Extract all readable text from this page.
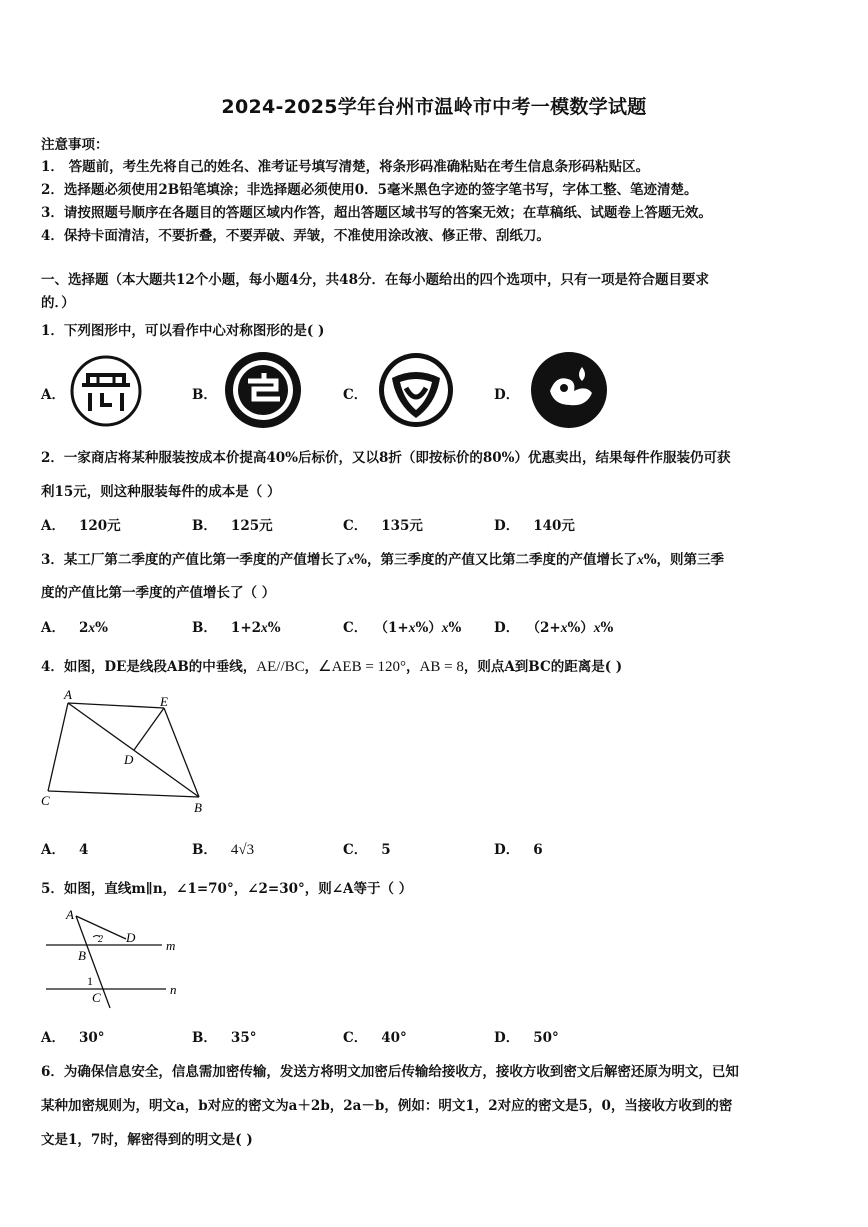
2024-2025学年台州市温岭市中考一模数学试题
注意事项：
1． 答题前，考生先将自己的姓名、准考证号填写清楚，将条形码准确粘贴在考生信息条形码粘贴区。
2．选择题必须使用2B铅笔填涂；非选择题必须使用0．5毫米黑色字迹的签字笔书写，字体工整、笔迹清楚。
3．请按照题号顺序在各题目的答题区域内作答，超出答题区域书写的答案无效；在草稿纸、试题卷上答题无效。
4．保持卡面清洁，不要折叠，不要弄破、弄皱，不准使用涂改液、修正带、刮纸刀。
一、选择题（本大题共12个小题，每小题4分，共48分．在每小题给出的四个选项中，只有一项是符合题目要求
的．）
1．下列图形中，可以看作中心对称图形的是( )
A．	B．	C．	D．
2．一家商店将某种服装按成本价提高40%后标价，又以8折（即按标价的80%）优惠卖出，结果每件作服装仍可获
利15元，则这种服装每件的成本是（ ）
A． 120元	B． 125元	C． 135元	D． 140元
3．某工厂第二季度的产值比第一季度的产值增长了x%，第三季度的产值又比第二季度的产值增长了x%，则第三季
度的产值比第一季度的产值增长了（ ）
A． 2x%	B． 1+2x%	C． （1+x%）x% D． （2+x%）x%
4．如图，DE是线段AB的中垂线，AE//BC，∠AEB = 120°，AB = 8，则点A到BC的距离是( )
A	E
D
C	B
A． 4	B． 4√3	C． 5	D． 6
5．如图，直线m∥n，∠1=70°，∠2=30°，则∠A等于（ ）
A
2 D
m
B
1
C
n
A． 30°	B． 35°	C． 40°	D． 50°
6．为确保信息安全，信息需加密传输，发送方将明文加密后传输给接收方，接收方收到密文后解密还原为明文，已知
某种加密规则为，明文a，b对应的密文为a＋2b，2a－b，例如：明文1，2对应的密文是5，0，当接收方收到的密
文是1，7时，解密得到的明文是( )
